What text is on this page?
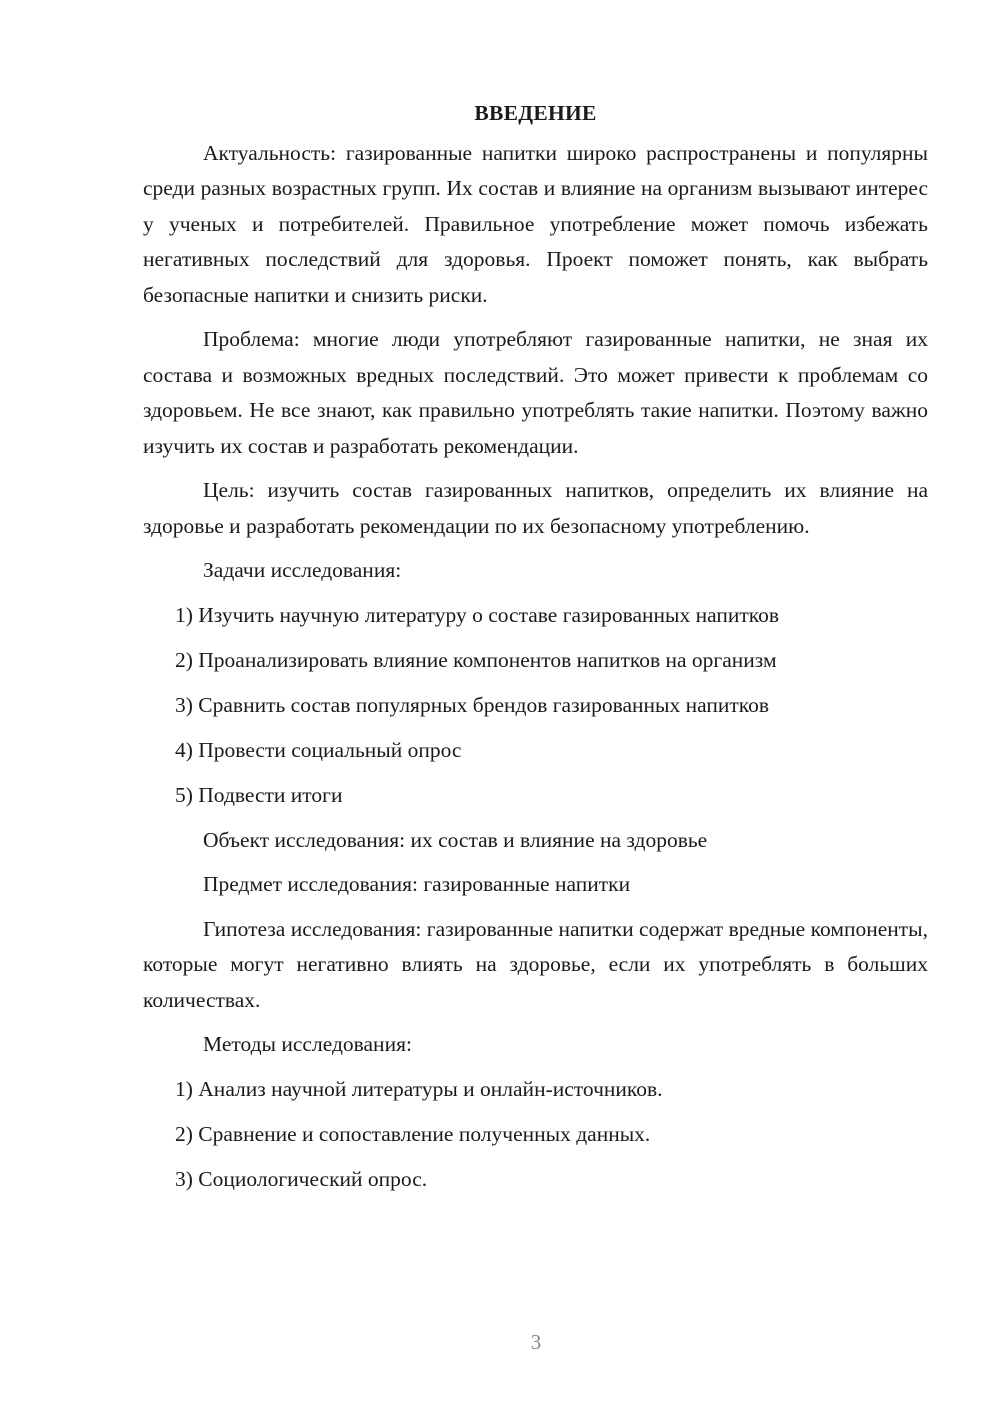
ВВЕДЕНИЕ

Актуальность: газированные напитки широко распространены и популярны среди разных возрастных групп. Их состав и влияние на организм вызывают интерес у ученых и потребителей. Правильное употребление может помочь избежать негативных последствий для здоровья. Проект поможет понять, как выбрать безопасные напитки и снизить риски.

Проблема: многие люди употребляют газированные напитки, не зная их состава и возможных вредных последствий. Это может привести к проблемам со здоровьем. Не все знают, как правильно употреблять такие напитки. Поэтому важно изучить их состав и разработать рекомендации.

Цель: изучить состав газированных напитков, определить их влияние на здоровье и разработать рекомендации по их безопасному употреблению.

Задачи исследования:

1) Изучить научную литературу о составе газированных напитков
2) Проанализировать влияние компонентов напитков на организм
3) Сравнить состав популярных брендов газированных напитков
4) Провести социальный опрос
5) Подвести итоги

Объект исследования: их состав и влияние на здоровье

Предмет исследования: газированные напитки

Гипотеза исследования: газированные напитки содержат вредные компоненты, которые могут негативно влиять на здоровье, если их употреблять в больших количествах.

Методы исследования:

1) Анализ научной литературы и онлайн-источников.
2) Сравнение и сопоставление полученных данных.
3) Социологический опрос.
3
